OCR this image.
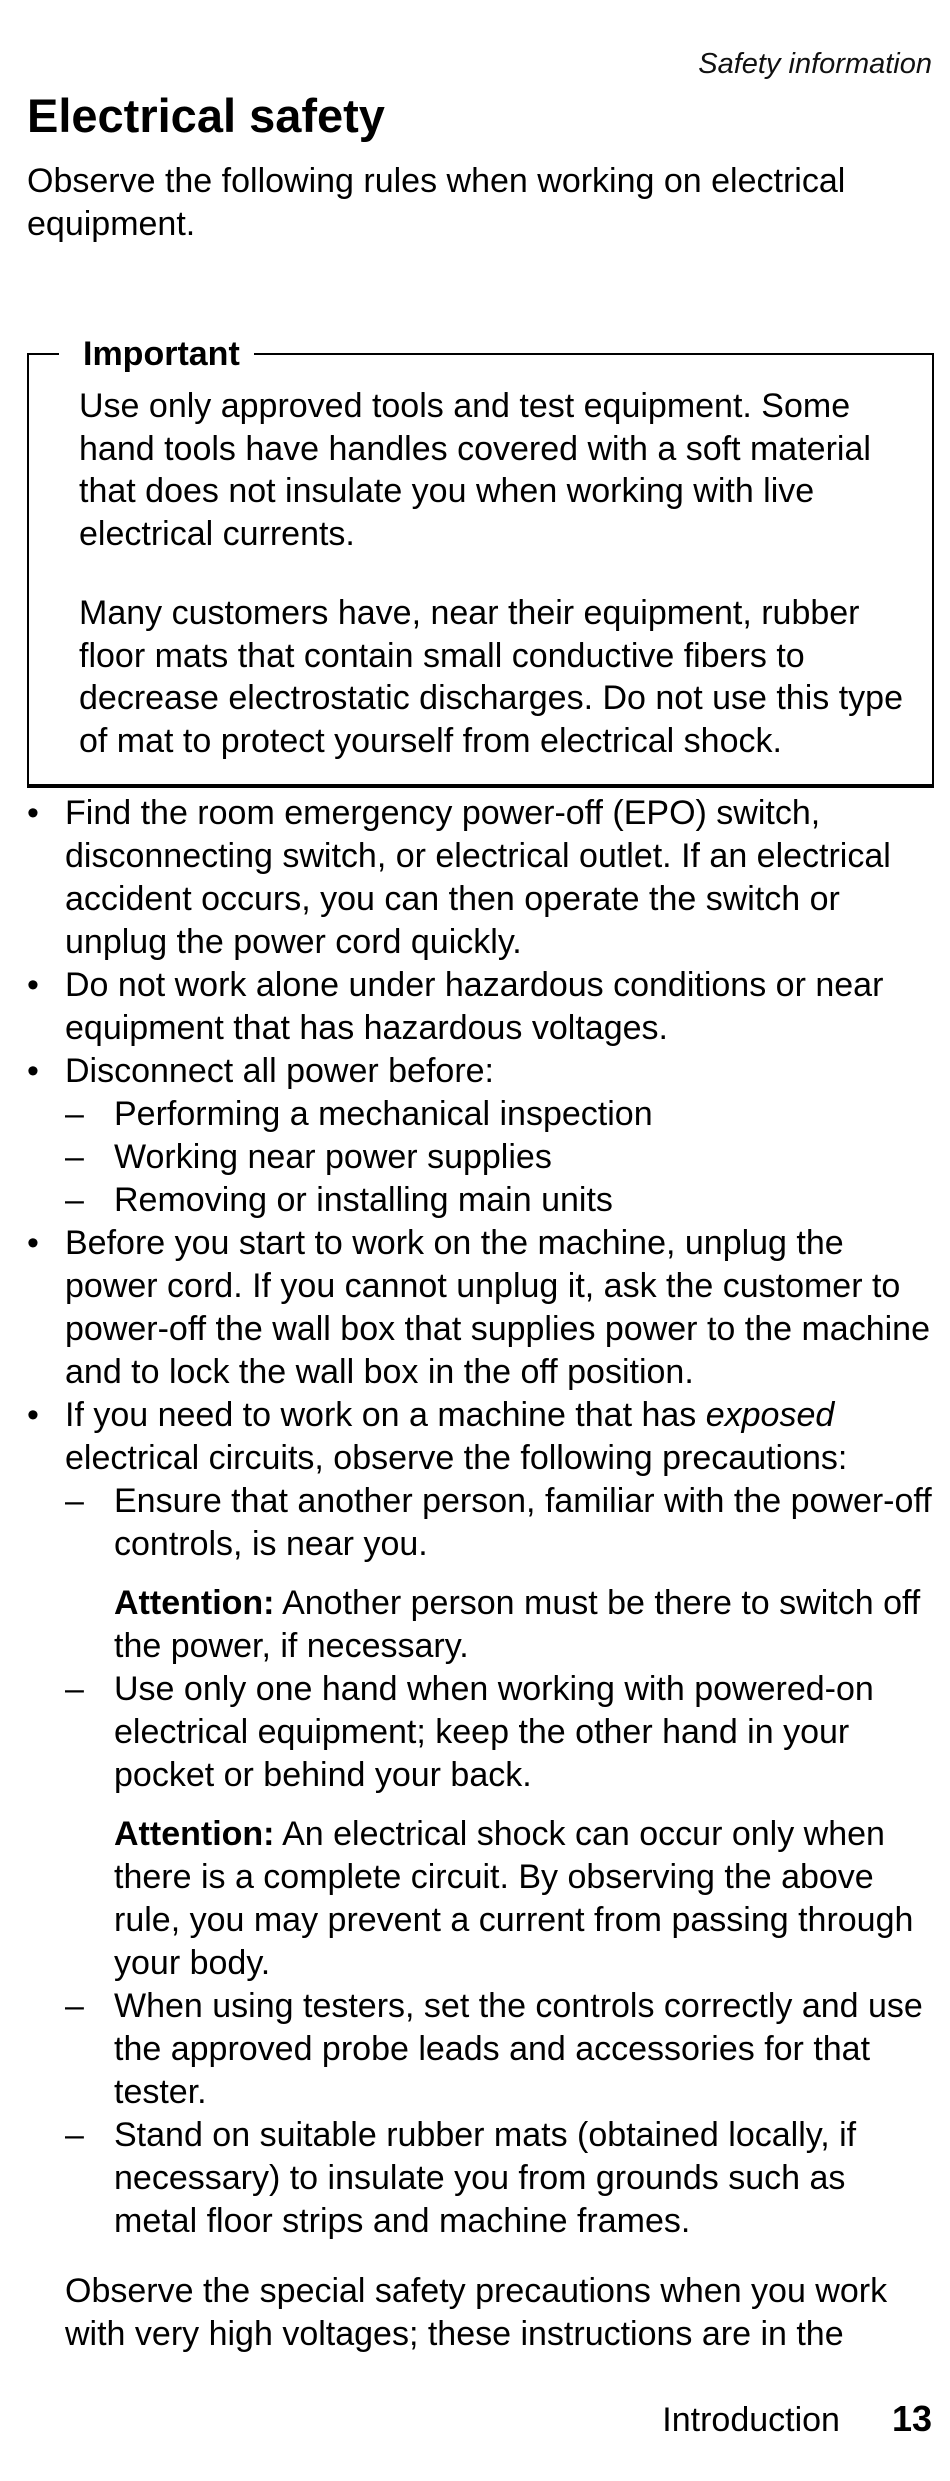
Safety information
Electrical safety

Observe the following rules when working on electrical equipment.

Important

Use only approved tools and test equipment. Some hand tools have handles covered with a soft material that does not insulate you when working with live electrical currents.

Many customers have, near their equipment, rubber floor mats that contain small conductive fibers to decrease electrostatic discharges. Do not use this type of mat to protect yourself from electrical shock.

• Find the room emergency power-off (EPO) switch, disconnecting switch, or electrical outlet. If an electrical accident occurs, you can then operate the switch or unplug the power cord quickly.

• Do not work alone under hazardous conditions or near equipment that has hazardous voltages.

• Disconnect all power before:

– Performing a mechanical inspection

– Working near power supplies

– Removing or installing main units

• Before you start to work on the machine, unplug the power cord. If you cannot unplug it, ask the customer to power-off the wall box that supplies power to the machine and to lock the wall box in the off position.

• If you need to work on a machine that has exposed electrical circuits, observe the following precautions:

– Ensure that another person, familiar with the power-off controls, is near you.

Attention: Another person must be there to switch off the power, if necessary.

– Use only one hand when working with powered-on electrical equipment; keep the other hand in your pocket or behind your back.

Attention: An electrical shock can occur only when there is a complete circuit. By observing the above rule, you may prevent a current from passing through your body.

– When using testers, set the controls correctly and use the approved probe leads and accessories for that tester.

– Stand on suitable rubber mats (obtained locally, if necessary) to insulate you from grounds such as metal floor strips and machine frames.

Observe the special safety precautions when you work with very high voltages; these instructions are in the

Introduction 13
